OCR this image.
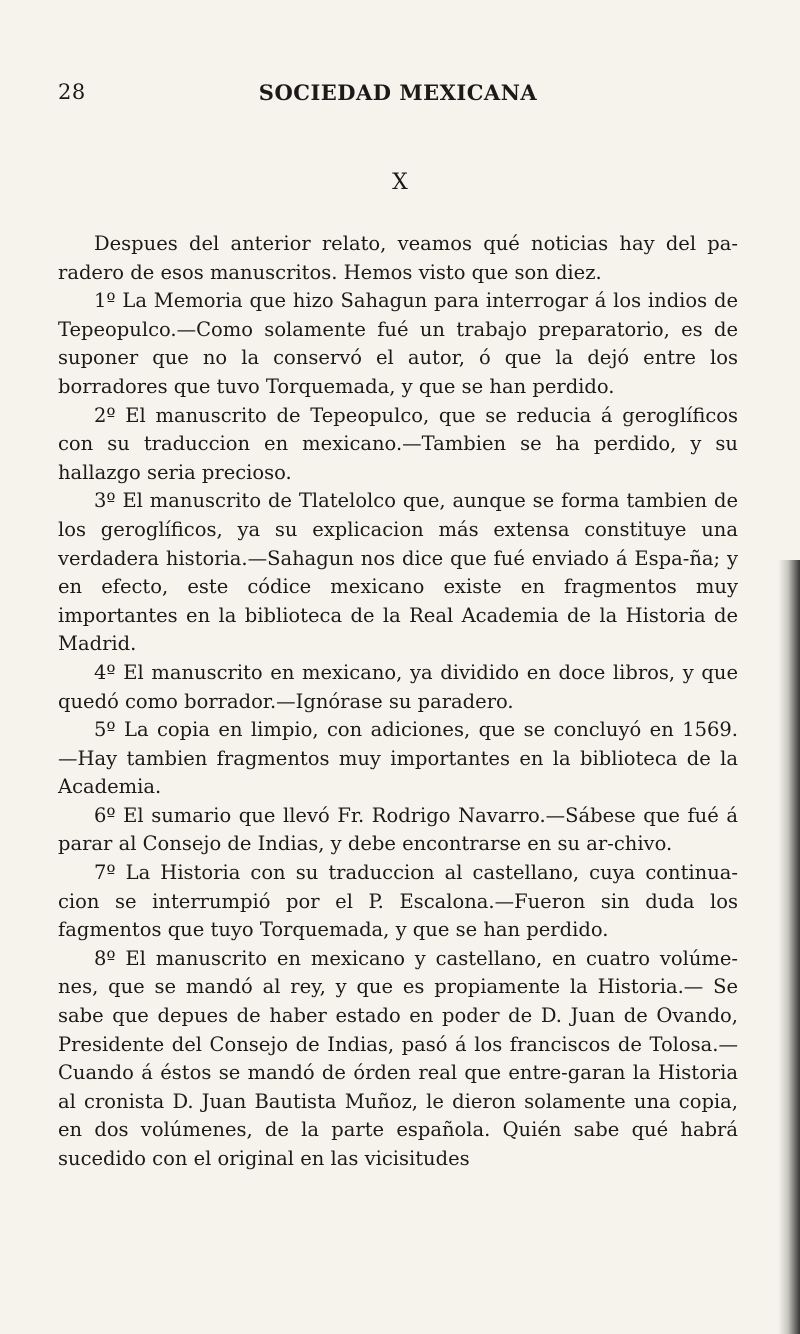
28	SOCIEDAD MEXICANA
X

Despues del anterior relato, veamos qué noticias hay del pa-radero de esos manuscritos. Hemos visto que son diez.

1º La Memoria que hizo Sahagun para interrogar á los indios de Tepeopulco.—Como solamente fué un trabajo preparatorio, es de suponer que no la conservó el autor, ó que la dejó entre los borradores que tuvo Torquemada, y que se han perdido.

2º El manuscrito de Tepeopulco, que se reducia á geroglíficos con su traduccion en mexicano.—Tambien se ha perdido, y su hallazgo seria precioso.

3º El manuscrito de Tlatelolco que, aunque se forma tambien de los geroglíficos, ya su explicacion más extensa constituye una verdadera historia.—Sahagun nos dice que fué enviado á Espa-ña; y en efecto, este códice mexicano existe en fragmentos muy importantes en la biblioteca de la Real Academia de la Historia de Madrid.

4º El manuscrito en mexicano, ya dividido en doce libros, y que quedó como borrador.—Ignórase su paradero.

5º La copia en limpio, con adiciones, que se concluyó en 1569. —Hay tambien fragmentos muy importantes en la biblioteca de la Academia.

6º El sumario que llevó Fr. Rodrigo Navarro.—Sábese que fué á parar al Consejo de Indias, y debe encontrarse en su ar-chivo.

7º La Historia con su traduccion al castellano, cuya continua-cion se interrumpió por el P. Escalona.—Fueron sin duda los fagmentos que tuyo Torquemada, y que se han perdido.

8º El manuscrito en mexicano y castellano, en cuatro volúme-nes, que se mandó al rey, y que es propiamente la Historia.— Se sabe que depues de haber estado en poder de D. Juan de Ovando, Presidente del Consejo de Indias, pasó á los franciscos de Tolosa.—Cuando á éstos se mandó de órden real que entre-garan la Historia al cronista D. Juan Bautista Muñoz, le dieron solamente una copia, en dos volúmenes, de la parte española. Quién sabe qué habrá sucedido con el original en las vicisitudes
